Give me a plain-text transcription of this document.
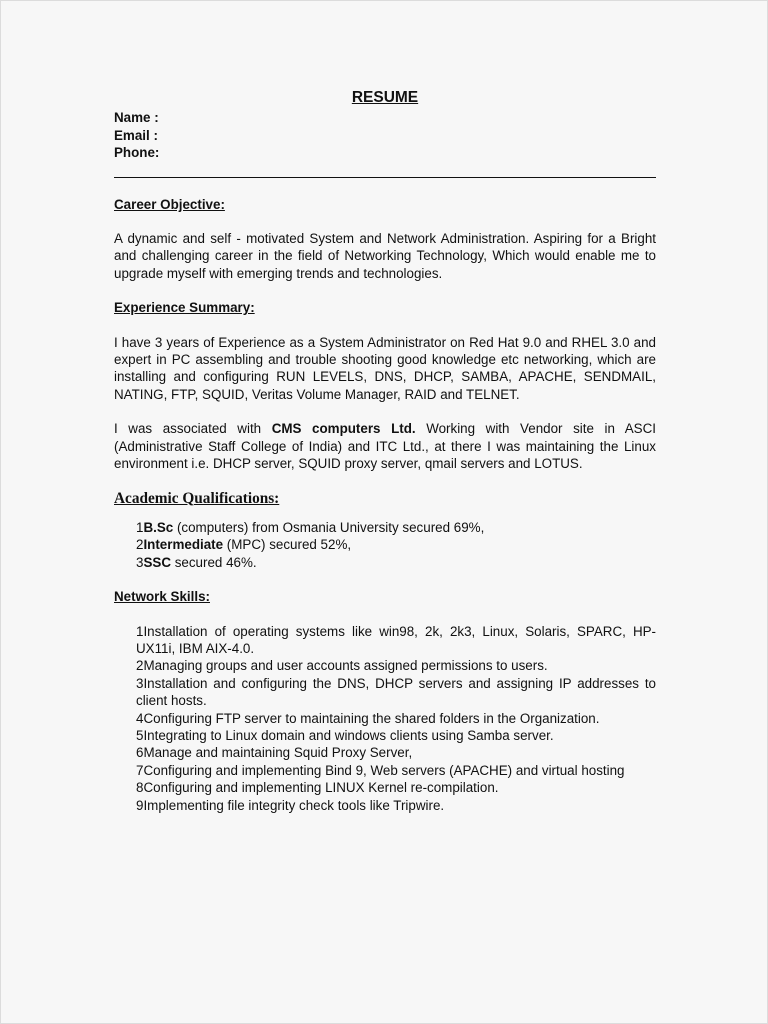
RESUME
Name :
Email :
Phone:
Career Objective:

A dynamic and self - motivated System and Network Administration. Aspiring for a Bright and challenging career in the field of Networking Technology, Which would enable me to upgrade myself with emerging trends and technologies.

Experience Summary:

I have 3 years of Experience as a System Administrator on Red Hat 9.0 and RHEL 3.0 and expert in PC assembling and trouble shooting good knowledge etc networking, which are installing and configuring RUN LEVELS, DNS, DHCP, SAMBA, APACHE, SENDMAIL, NATING, FTP, SQUID, Veritas Volume Manager, RAID and TELNET.

I was associated with CMS computers Ltd. Working with Vendor site in ASCI (Administrative Staff College of India) and ITC Ltd., at there I was maintaining the Linux environment i.e. DHCP server, SQUID proxy server, qmail servers and LOTUS.

Academic Qualifications:
1B.Sc (computers) from Osmania University secured 69%,
2Intermediate (MPC) secured 52%,
3SSC secured 46%.
Network Skills:
1Installation of operating systems like win98, 2k, 2k3, Linux, Solaris, SPARC, HP-UX11i, IBM AIX-4.0.
2Managing groups and user accounts assigned permissions to users.
3Installation and configuring the DNS, DHCP servers and assigning IP addresses to client hosts.
4Configuring FTP server to maintaining the shared folders in the Organization.
5Integrating to Linux domain and windows clients using Samba server.
6Manage and maintaining Squid Proxy Server,
7Configuring and implementing Bind 9, Web servers (APACHE) and virtual hosting
8Configuring and implementing LINUX Kernel re-compilation.
9Implementing file integrity check tools like Tripwire.
